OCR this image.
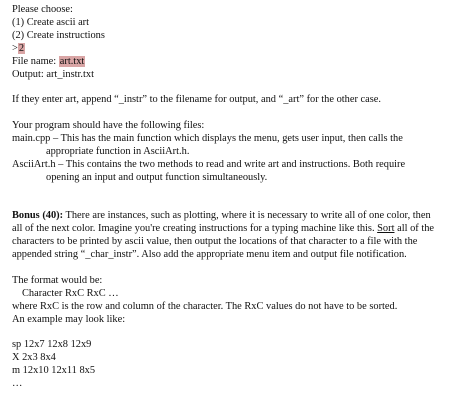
Please choose:
(1) Create ascii art
(2) Create instructions
>2
File name: art.txt
Output: art_instr.txt
If they enter art, append “_instr” to the filename for output, and “_art” for the other case.
Your program should have the following files:
main.cpp – This has the main function which displays the menu, gets user input, then calls the
appropriate function in AsciiArt.h.
AsciiArt.h – This contains the two methods to read and write art and instructions. Both require
opening an input and output function simultaneously.
Bonus (40): There are instances, such as plotting, where it is necessary to write all of one color, then
all of the next color. Imagine you're creating instructions for a typing machine like this. Sort all of the
characters to be printed by ascii value, then output the locations of that character to a file with the
appended string “_char_instr”. Also add the appropriate menu item and output file notification.
The format would be:
Character RxC RxC …
where RxC is the row and column of the character. The RxC values do not have to be sorted.
An example may look like:
sp 12x7 12x8 12x9
X 2x3 8x4
m 12x10 12x11 8x5
…
